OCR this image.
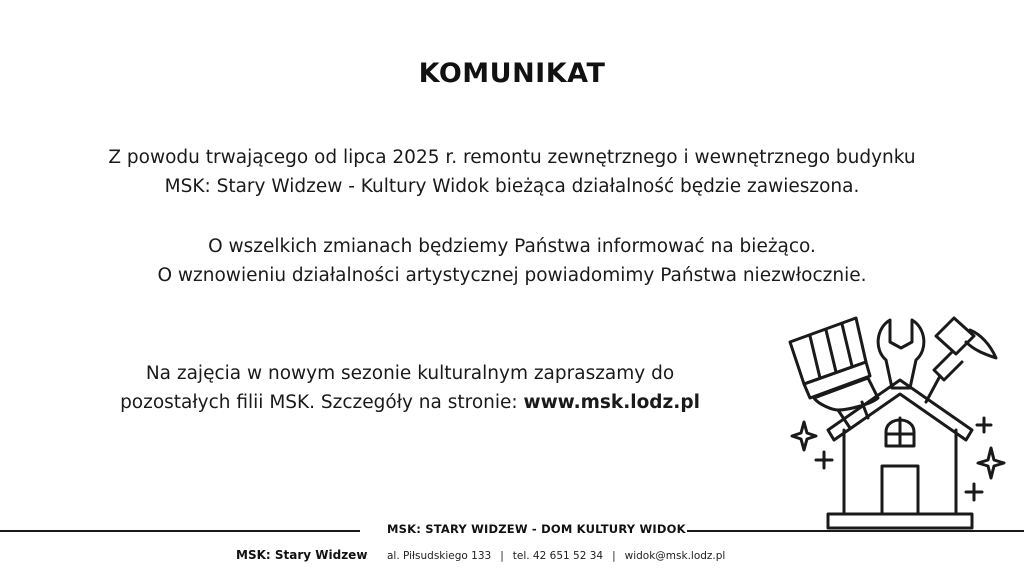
KOMUNIKAT
Z powodu trwającego od lipca 2025 r. remontu zewnętrznego i wewnętrznego budynku
MSK: Stary Widzew - Kultury Widok bieżąca działalność będzie zawieszona.
O wszelkich zmianach będziemy Państwa informować na bieżąco.
O wznowieniu działalności artystycznej powiadomimy Państwa niezwłocznie.
Na zajęcia w nowym sezonie kulturalnym zapraszamy do
pozostałych filii MSK. Szczegóły na stronie: www.msk.lodz.pl
MSK: STARY WIDZEW - DOM KULTURY WIDOK
MSK: Stary Widzew al. Piłsudskiego 133 | tel. 42 651 52 34 | widok@msk.lodz.pl
